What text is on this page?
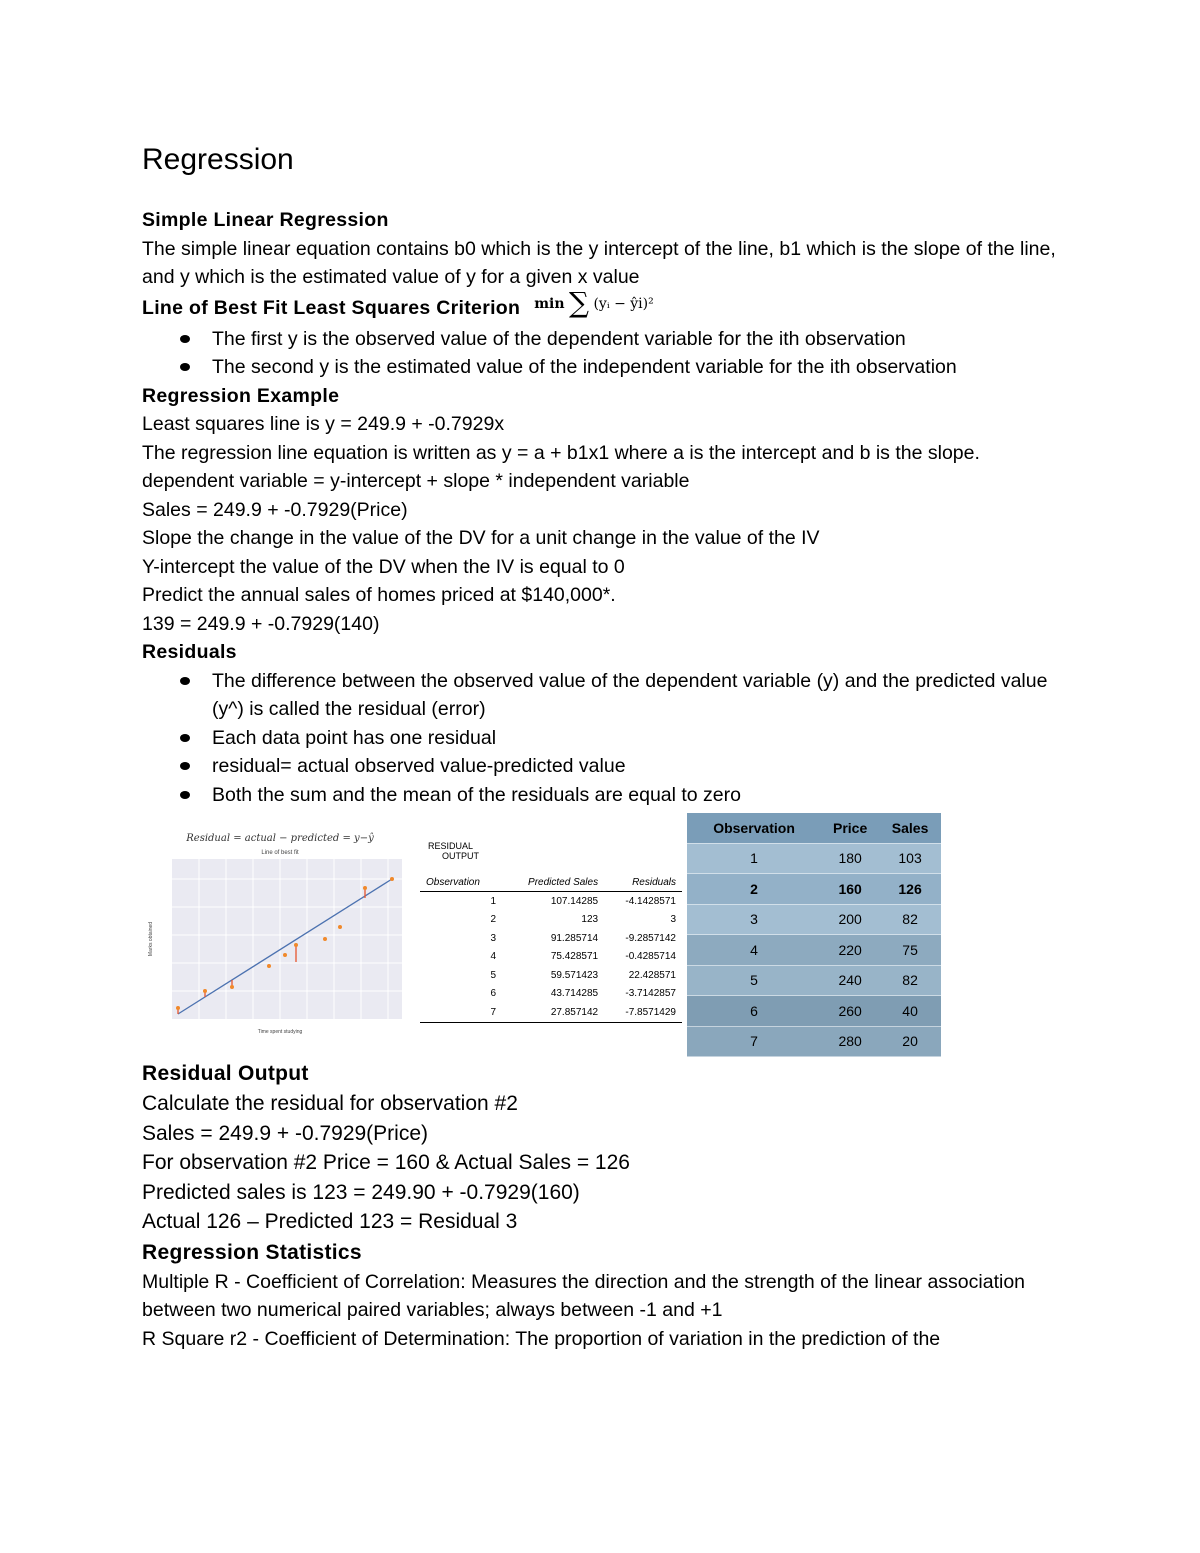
Regression
Simple Linear Regression

The simple linear equation contains b0 which is the y intercept of the line, b1 which is the slope of the line, and y which is the estimated value of y for a given x value

Line of Best Fit Least Squares Criterion min ∑ (yᵢ − ŷi)²
The first y is the observed value of the dependent variable for the ith observation
The second y is the estimated value of the independent variable for the ith observation
Regression Example

Least squares line is y = 249.9 + -0.7929x

The regression line equation is written as y = a + b1x1 where a is the intercept and b is the slope.

dependent variable = y-intercept + slope * independent variable

Sales = 249.9 + -0.7929(Price)

Slope the change in the value of the DV for a unit change in the value of the IV

Y-intercept the value of the DV when the IV is equal to 0

Predict the annual sales of homes priced at $140,000*.

139 = 249.9 + -0.7929(140)

Residuals
The difference between the observed value of the dependent variable (y) and the predicted value (y^) is called the residual (error)
Each data point has one residual
residual= actual observed value-predicted value
Both the sum and the mean of the residuals are equal to zero
Residual = actual − predicted = y−ŷ
Line of best fit
Time spent studying
Marks obtained
RESIDUAL
OUTPUT
Observation	Predicted Sales	Residuals
1	107.14285	-4.1428571
2	123	3
3	91.285714	-9.2857142
4	75.428571	-0.4285714
5	59.571423	22.428571
6	43.714285	-3.7142857
7	27.857142	-7.8571429
Observation	Price	Sales
1	180	103
2	160	126
3	200	82
4	220	75
5	240	82
6	260	40
7	280	20
Residual Output

Calculate the residual for observation #2

Sales = 249.9 + -0.7929(Price)

For observation #2 Price = 160 & Actual Sales = 126

Predicted sales is 123 = 249.90 + -0.7929(160)

Actual 126 – Predicted 123 = Residual 3

Regression Statistics

Multiple R - Coefficient of Correlation: Measures the direction and the strength of the linear association

between two numerical paired variables; always between -1 and +1

R Square r2 - Coefficient of Determination: The proportion of variation in the prediction of the
